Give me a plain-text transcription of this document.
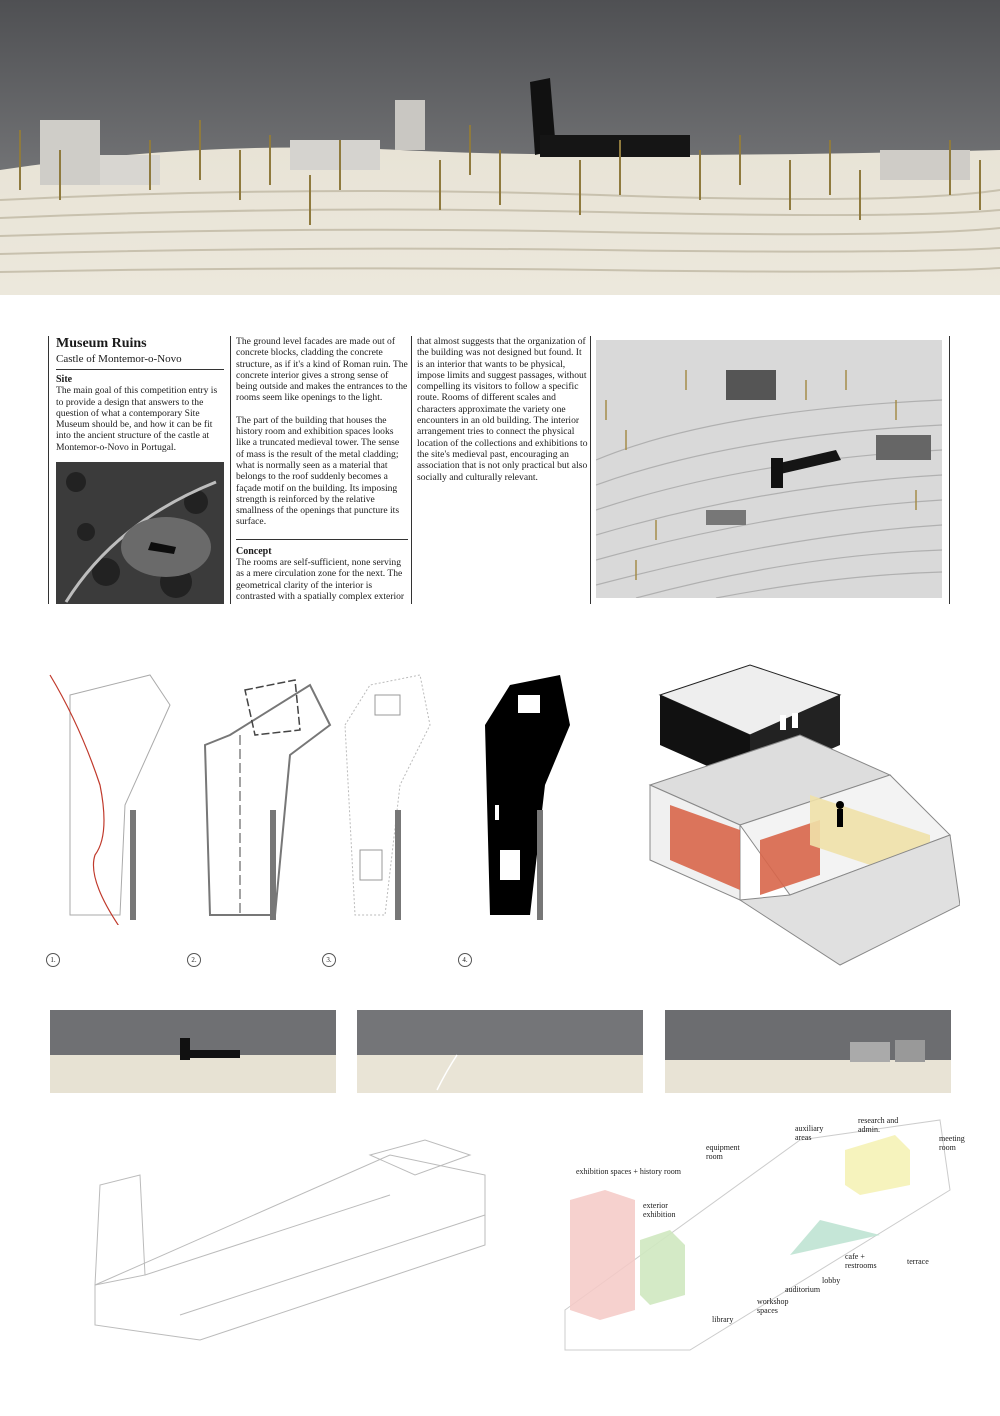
Museum Ruins
Castle of Montemor-o-Novo
Site
The main goal of this competition entry is to provide a design that answers to the question of what a contemporary Site Museum should be, and how it can be fit into the ancient structure of the castle at Montemor-o-Novo in Portugal.

The ground level facades are made out of concrete blocks, cladding the concrete structure, as if it's a kind of Roman ruin. The concrete interior gives a strong sense of being outside and makes the entrances to the rooms seem like openings to the light.

The part of the building that houses the history room and exhibition spaces looks like a truncated medieval tower. The sense of mass is the result of the metal cladding; what is normally seen as a material that belongs to the roof suddenly becomes a façade motif on the building. Its imposing strength is reinforced by the relative smallness of the openings that puncture its surface.

Concept
The rooms are self-sufficient, none serving as a mere circulation zone for the next. The geometrical clarity of the interior is contrasted with a spatially complex exterior
that almost suggests that the organization of the building was not designed but found. It is an interior that wants to be physical, impose limits and suggest passages, without compelling its visitors to follow a specific route. Rooms of different scales and characters approximate the variety one encounters in an old building. The interior arrangement tries to connect the physical location of the collections and exhibitions to the site's medieval past, encouraging an association that is not only practical but also socially and culturally relevant.
1.	2.	3.	4.
exhibition spaces + history room
exterior exhibition
equipment room
auxiliary areas
research and admin.
meeting room
library
workshop spaces
auditorium
lobby
cafe + restrooms	terrace
